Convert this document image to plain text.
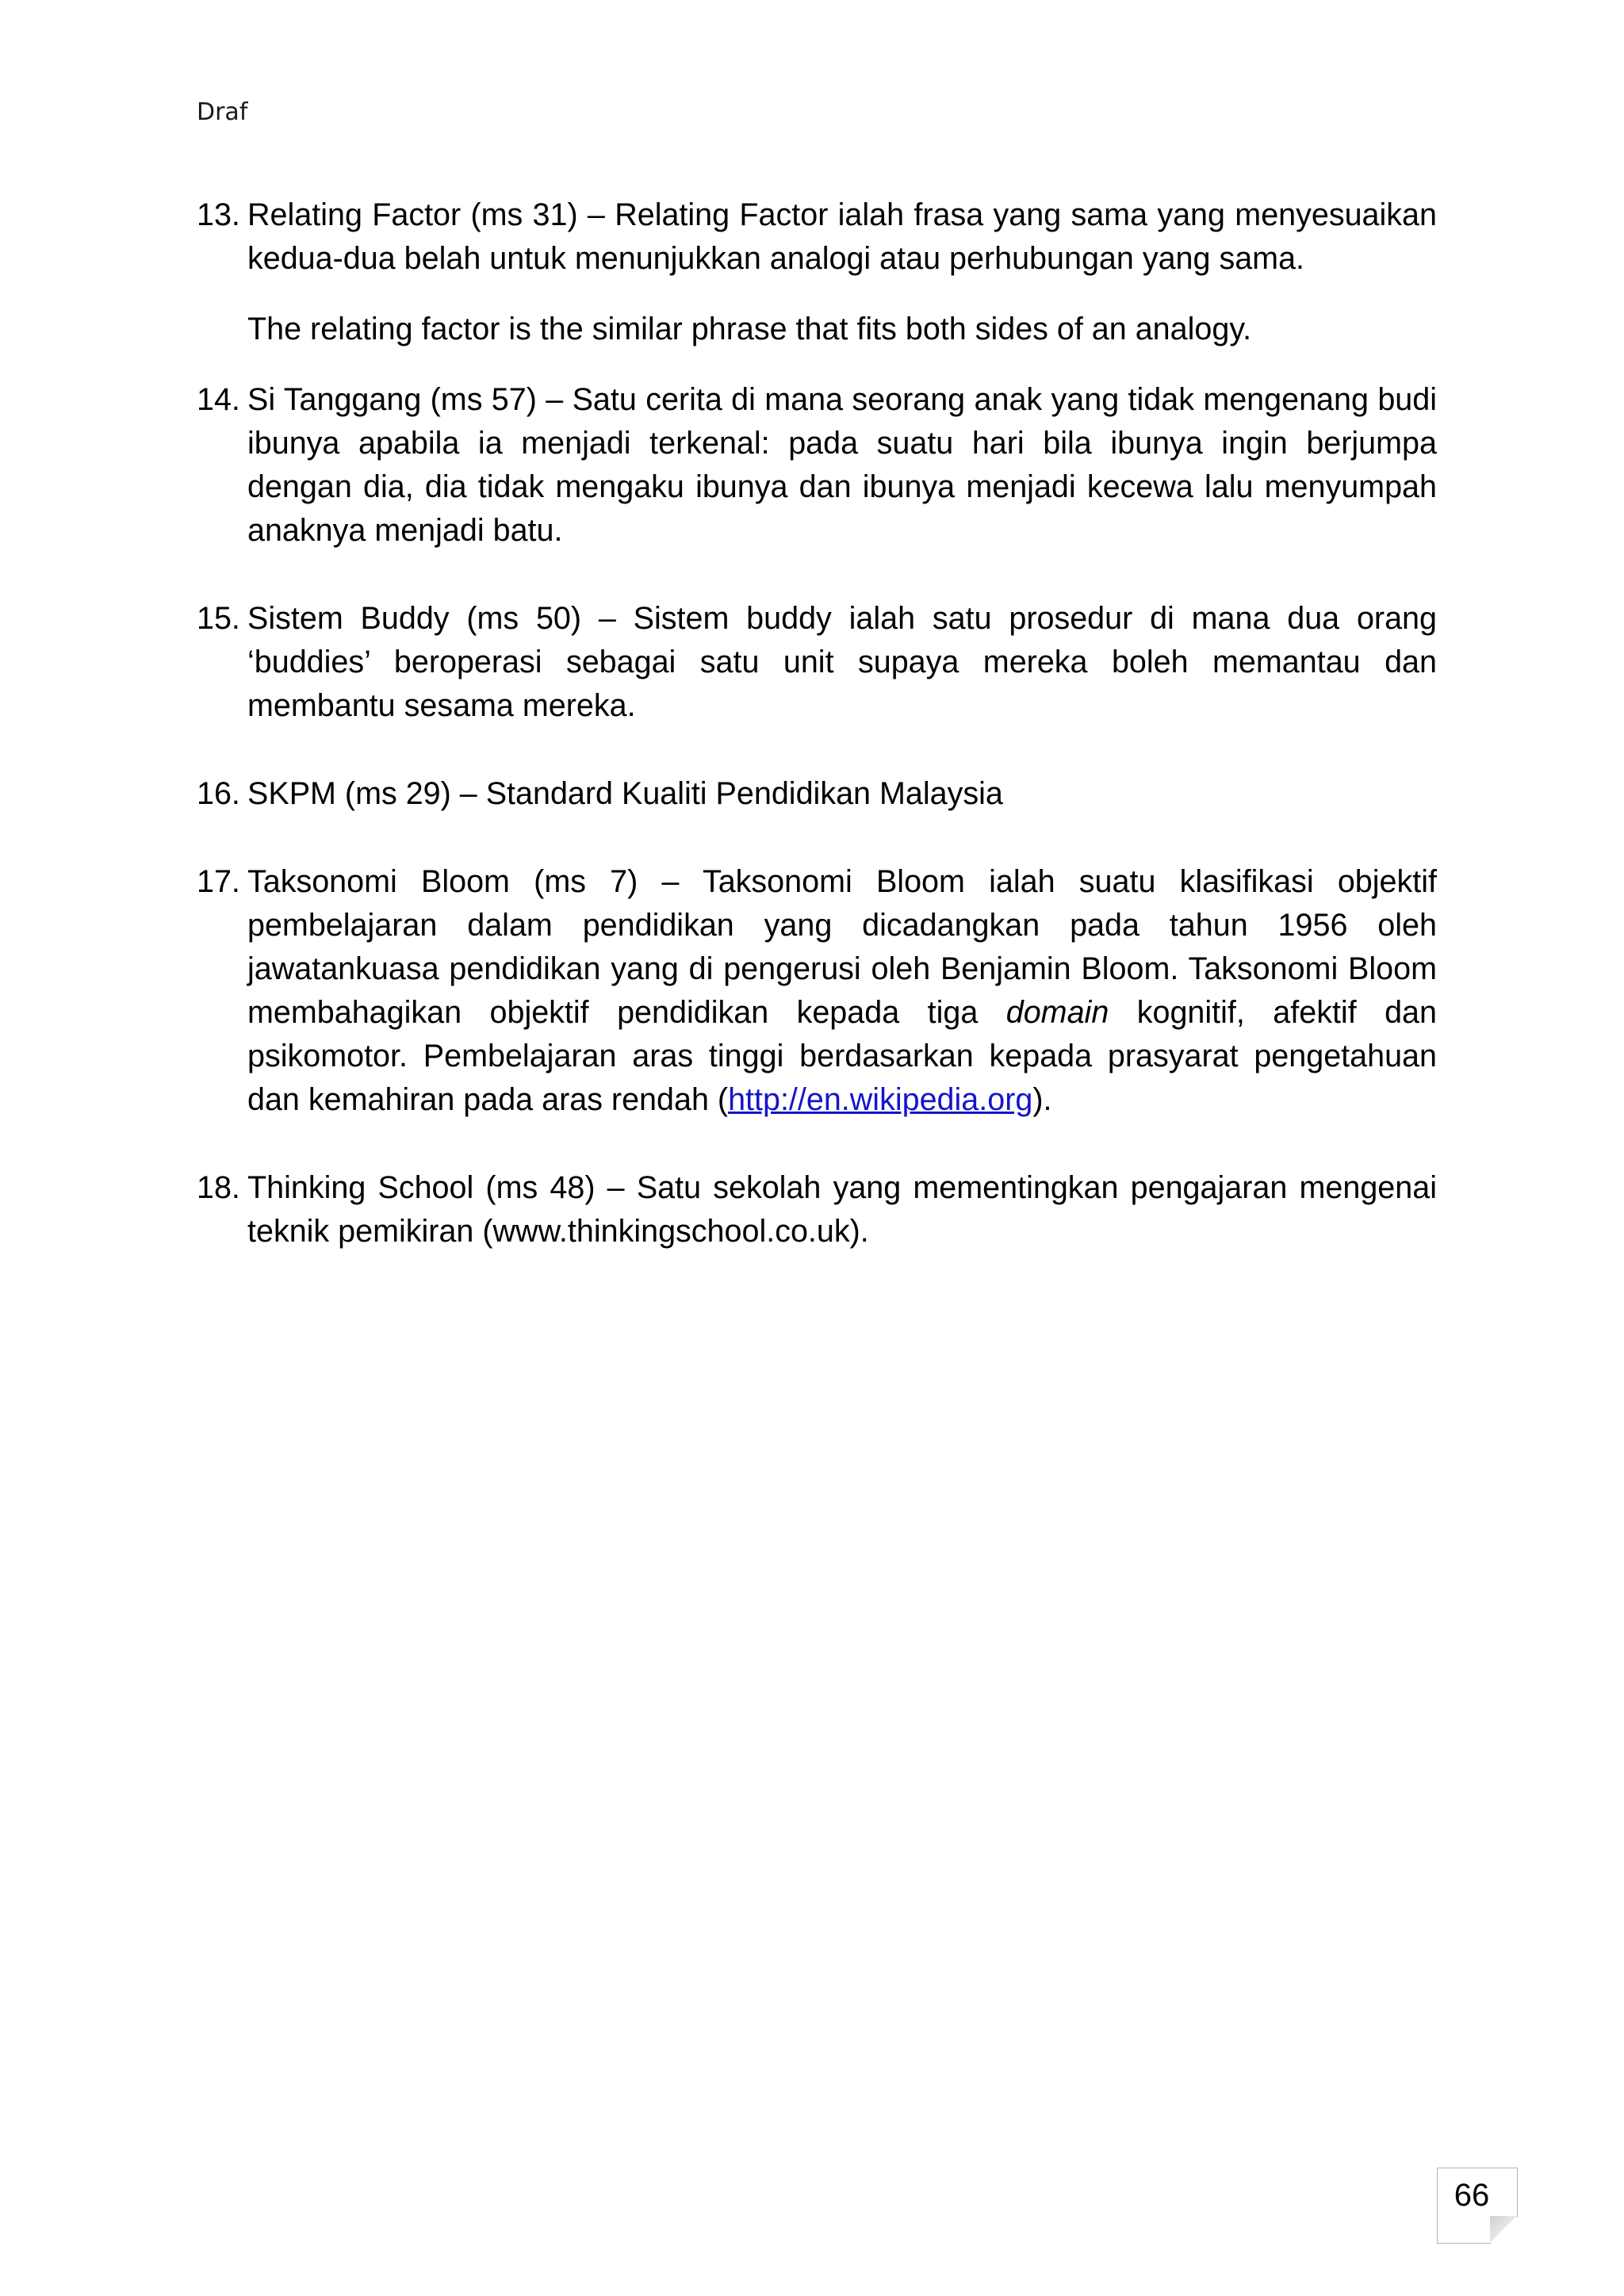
Draf
13. Relating Factor (ms 31) – Relating Factor ialah frasa yang sama yang menyesuaikan kedua-dua belah untuk menunjukkan analogi atau perhubungan yang sama.

The relating factor is the similar phrase that fits both sides of an analogy.

14. Si Tanggang (ms 57) – Satu cerita di mana seorang anak yang tidak mengenang budi ibunya apabila ia menjadi terkenal: pada suatu hari bila ibunya ingin berjumpa dengan dia, dia tidak mengaku ibunya dan ibunya menjadi kecewa lalu menyumpah anaknya menjadi batu.

15. Sistem Buddy (ms 50) – Sistem buddy ialah satu prosedur di mana dua orang ‘buddies’ beroperasi sebagai satu unit supaya mereka boleh memantau dan membantu sesama mereka.

16. SKPM (ms 29) – Standard Kualiti Pendidikan Malaysia

17. Taksonomi Bloom (ms 7) – Taksonomi Bloom ialah suatu klasifikasi objektif pembelajaran dalam pendidikan yang dicadangkan pada tahun 1956 oleh jawatankuasa pendidikan yang di pengerusi oleh Benjamin Bloom. Taksonomi Bloom membahagikan objektif pendidikan kepada tiga domain kognitif, afektif dan psikomotor. Pembelajaran aras tinggi berdasarkan kepada prasyarat pengetahuan dan kemahiran pada aras rendah (http://en.wikipedia.org).

18. Thinking School (ms 48) – Satu sekolah yang mementingkan pengajaran mengenai teknik pemikiran (www.thinkingschool.co.uk).

66
